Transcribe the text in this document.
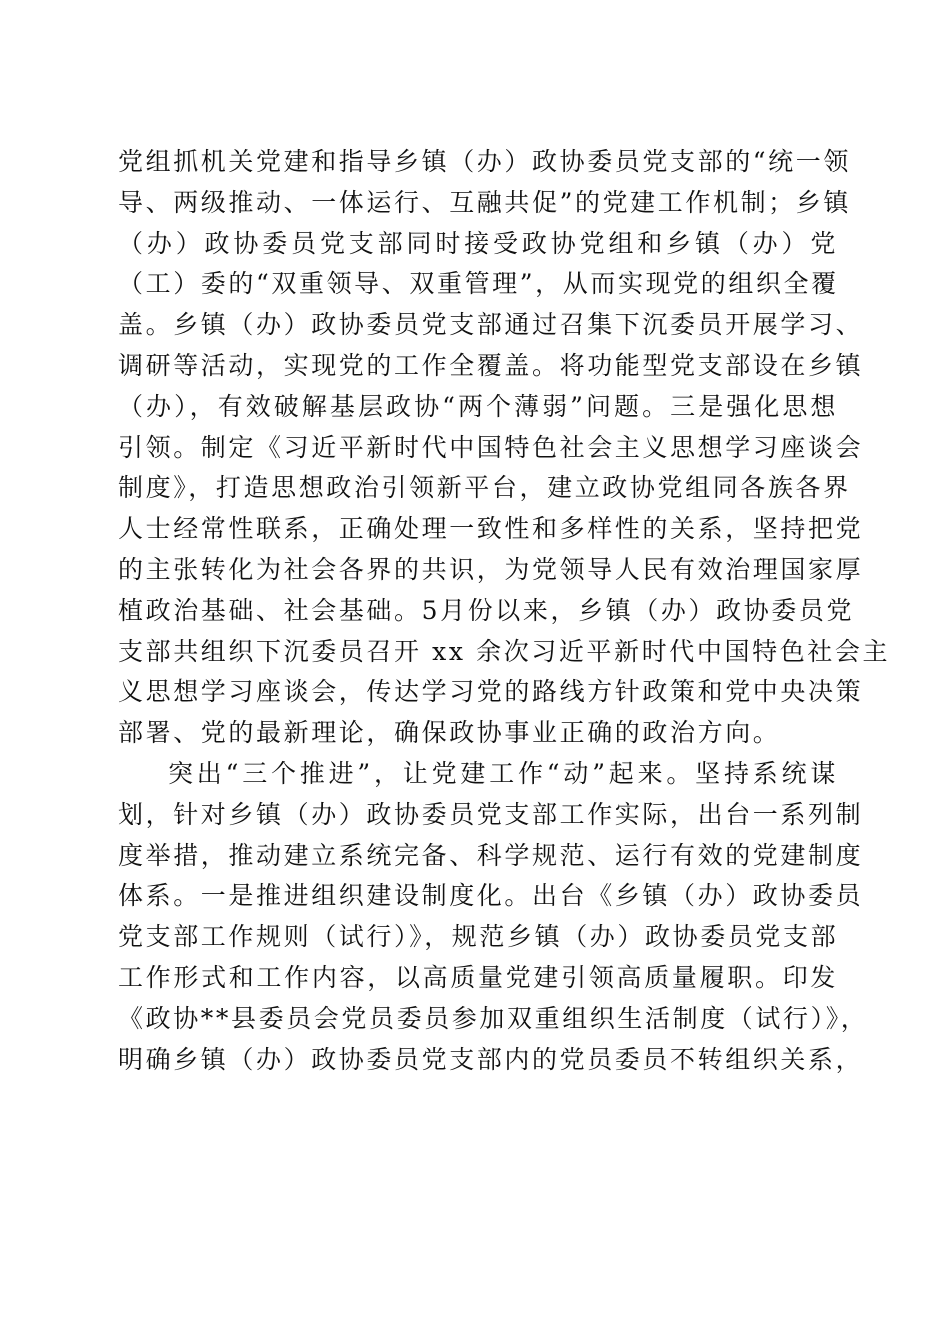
党组抓机关党建和指导乡镇（办）政协委员党支部的“统一领
导、两级推动、一体运行、互融共促”的党建工作机制；乡镇
（办）政协委员党支部同时接受政协党组和乡镇（办）党
（工）委的“双重领导、双重管理”，从而实现党的组织全覆
盖。乡镇（办）政协委员党支部通过召集下沉委员开展学习、
调研等活动，实现党的工作全覆盖。将功能型党支部设在乡镇
（办），有效破解基层政协“两个薄弱”问题。三是强化思想
引领。制定《习近平新时代中国特色社会主义思想学习座谈会
制度》，打造思想政治引领新平台，建立政协党组同各族各界
人士经常性联系，正确处理一致性和多样性的关系，坚持把党
的主张转化为社会各界的共识，为党领导人民有效治理国家厚
植政治基础、社会基础。5月份以来，乡镇（办）政协委员党
支部共组织下沉委员召开 xx 余次习近平新时代中国特色社会主
义思想学习座谈会，传达学习党的路线方针政策和党中央决策
部署、党的最新理论，确保政协事业正确的政治方向。
突出“三个推进”，让党建工作“动”起来。坚持系统谋
划，针对乡镇（办）政协委员党支部工作实际，出台一系列制
度举措，推动建立系统完备、科学规范、运行有效的党建制度
体系。一是推进组织建设制度化。出台《乡镇（办）政协委员
党支部工作规则（试行）》，规范乡镇（办）政协委员党支部
工作形式和工作内容，以高质量党建引领高质量履职。印发
《政协**县委员会党员委员参加双重组织生活制度（试行）》，
明确乡镇（办）政协委员党支部内的党员委员不转组织关系，
